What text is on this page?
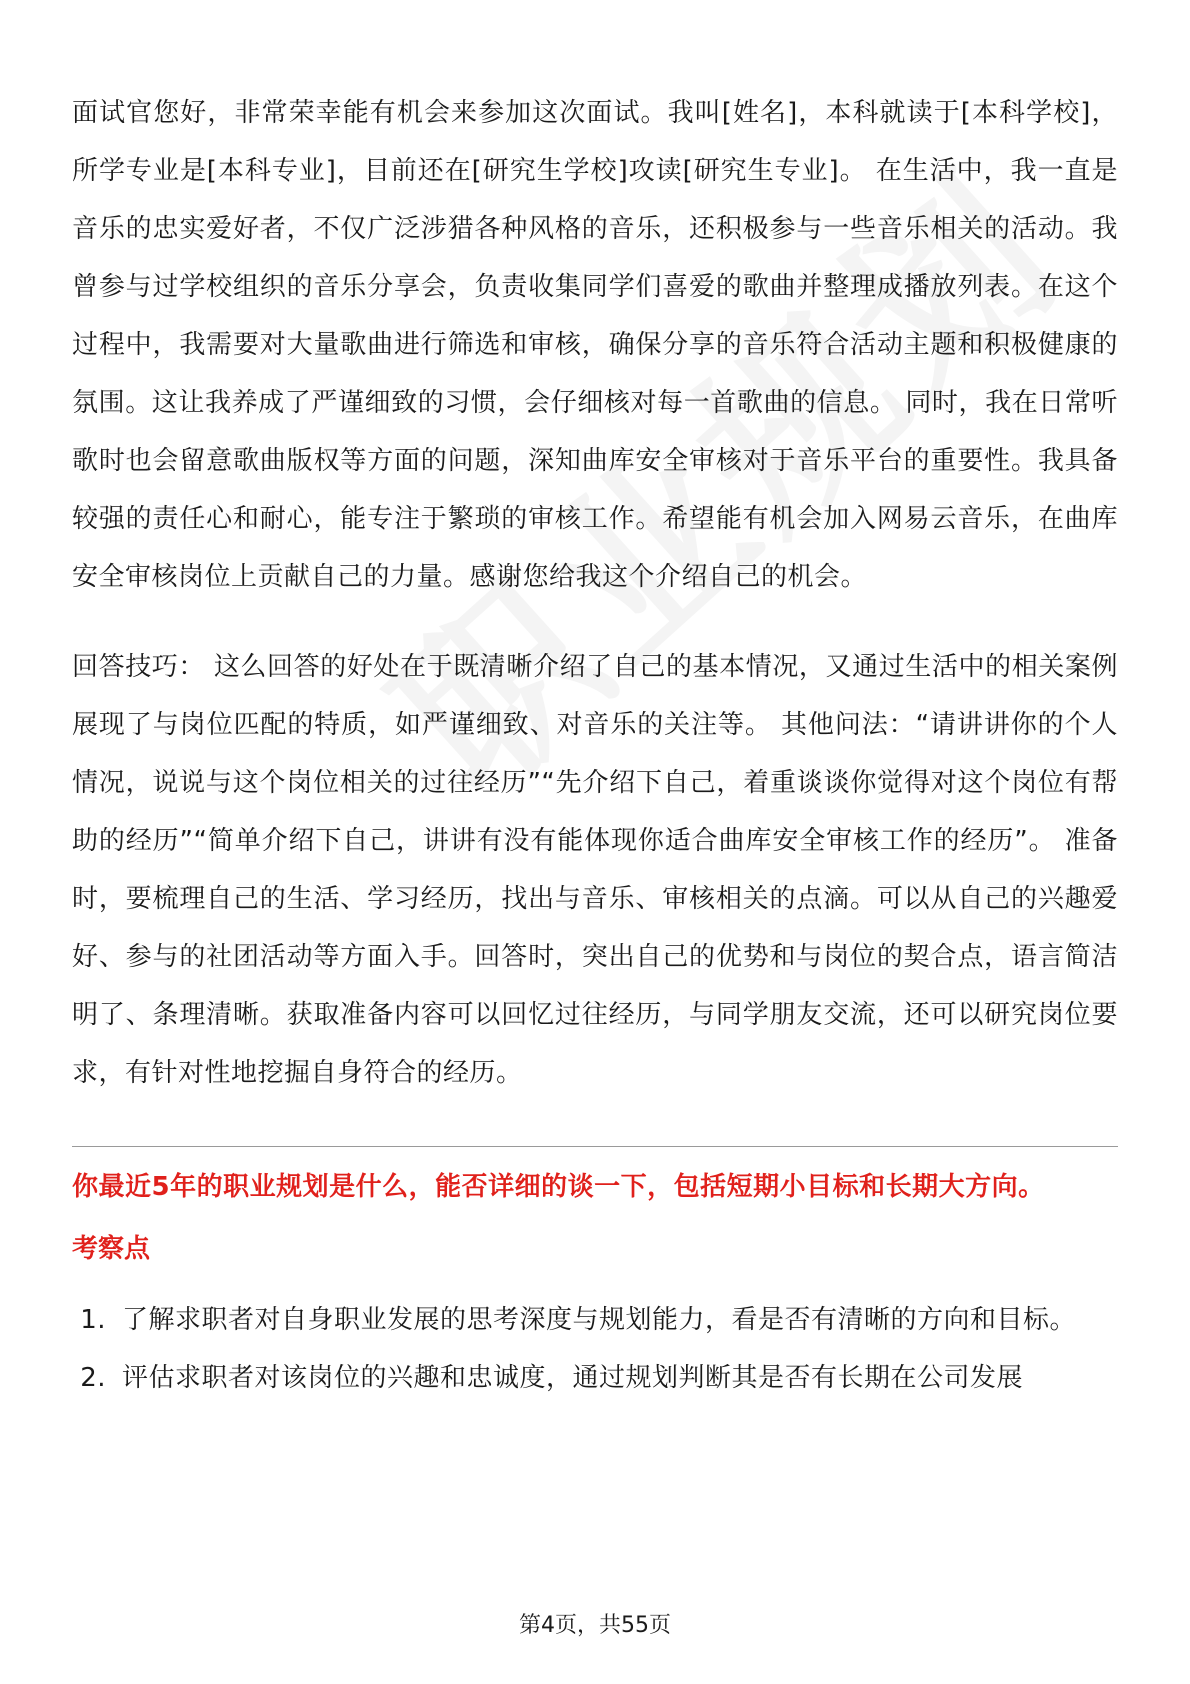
面试官您好，非常荣幸能有机会来参加这次面试。我叫[姓名]，本科就读于[本科学校]，所学专业是[本科专业]，目前还在[研究生学校]攻读[研究生专业]。 在生活中，我一直是音乐的忠实爱好者，不仅广泛涉猎各种风格的音乐，还积极参与一些音乐相关的活动。我曾参与过学校组织的音乐分享会，负责收集同学们喜爱的歌曲并整理成播放列表。在这个过程中，我需要对大量歌曲进行筛选和审核，确保分享的音乐符合活动主题和积极健康的氛围。这让我养成了严谨细致的习惯，会仔细核对每一首歌曲的信息。 同时，我在日常听歌时也会留意歌曲版权等方面的问题，深知曲库安全审核对于音乐平台的重要性。我具备较强的责任心和耐心，能专注于繁琐的审核工作。希望能有机会加入网易云音乐，在曲库安全审核岗位上贡献自己的力量。感谢您给我这个介绍自己的机会。

回答技巧： 这么回答的好处在于既清晰介绍了自己的基本情况，又通过生活中的相关案例展现了与岗位匹配的特质，如严谨细致、对音乐的关注等。 其他问法：“请讲讲你的个人情况，说说与这个岗位相关的过往经历”“先介绍下自己，着重谈谈你觉得对这个岗位有帮助的经历”“简单介绍下自己，讲讲有没有能体现你适合曲库安全审核工作的经历”。 准备时，要梳理自己的生活、学习经历，找出与音乐、审核相关的点滴。可以从自己的兴趣爱好、参与的社团活动等方面入手。回答时，突出自己的优势和与岗位的契合点，语言简洁明了、条理清晰。获取准备内容可以回忆过往经历，与同学朋友交流，还可以研究岗位要求，有针对性地挖掘自身符合的经历。

你最近5年的职业规划是什么，能否详细的谈一下，包括短期小目标和长期大方向。

考察点
1. 了解求职者对自身职业发展的思考深度与规划能力，看是否有清晰的方向和目标。
2. 评估求职者对该岗位的兴趣和忠诚度，通过规划判断其是否有长期在公司发展
第4页，共55页
